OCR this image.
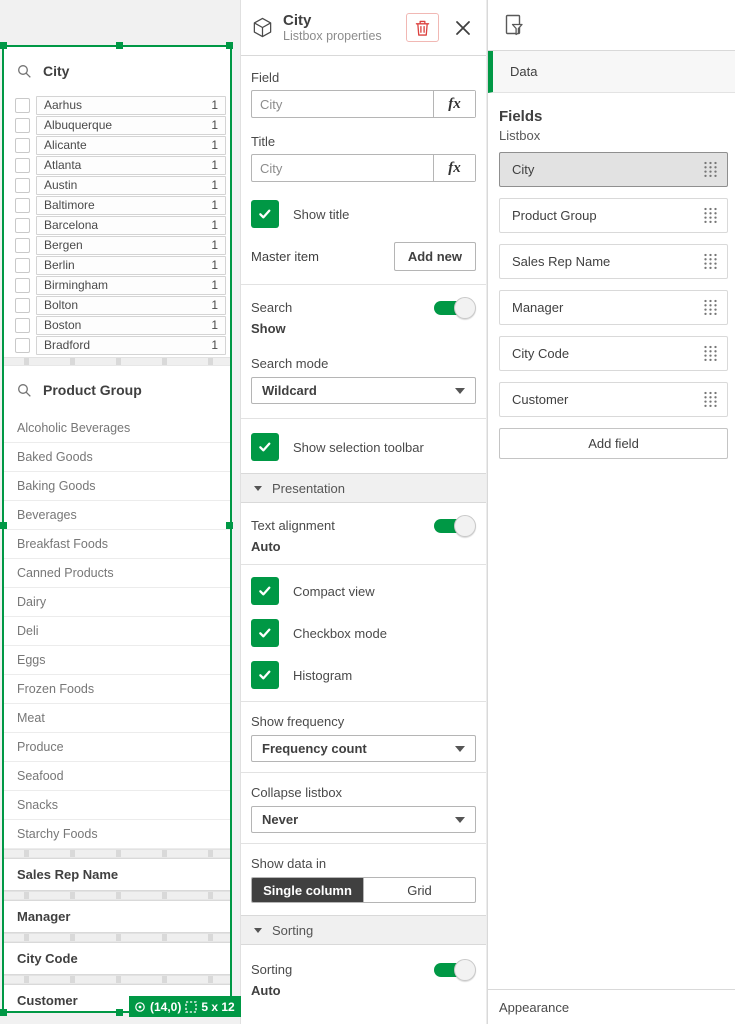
City
Aarhus	1
Albuquerque	1
Alicante	1
Atlanta	1
Austin	1
Baltimore	1
Barcelona	1
Bergen	1
Berlin	1
Birmingham	1
Bolton	1
Boston	1
Bradford	1
Product Group
Alcoholic Beverages
Baked Goods
Baking Goods
Beverages
Breakfast Foods
Canned Products
Dairy
Deli
Eggs
Frozen Foods
Meat
Produce
Seafood
Snacks
Starchy Foods
Sales Rep Name
Manager
City Code
Customer	(14,0) 5 x 12
City
Listbox properties
Field
City
fx
Title
City
fx
Show title
Master item	Add new
Search
Show
Search mode
Wildcard
Show selection toolbar
Presentation
Text alignment
Auto
Compact view
Checkbox mode
Histogram
Show frequency
Frequency count
Collapse listbox
Never
Show data in
Single column	Grid
Sorting
Sorting
Auto
Data
Fields
Listbox
City
Product Group
Sales Rep Name
Manager
City Code
Customer
Add field
Appearance
